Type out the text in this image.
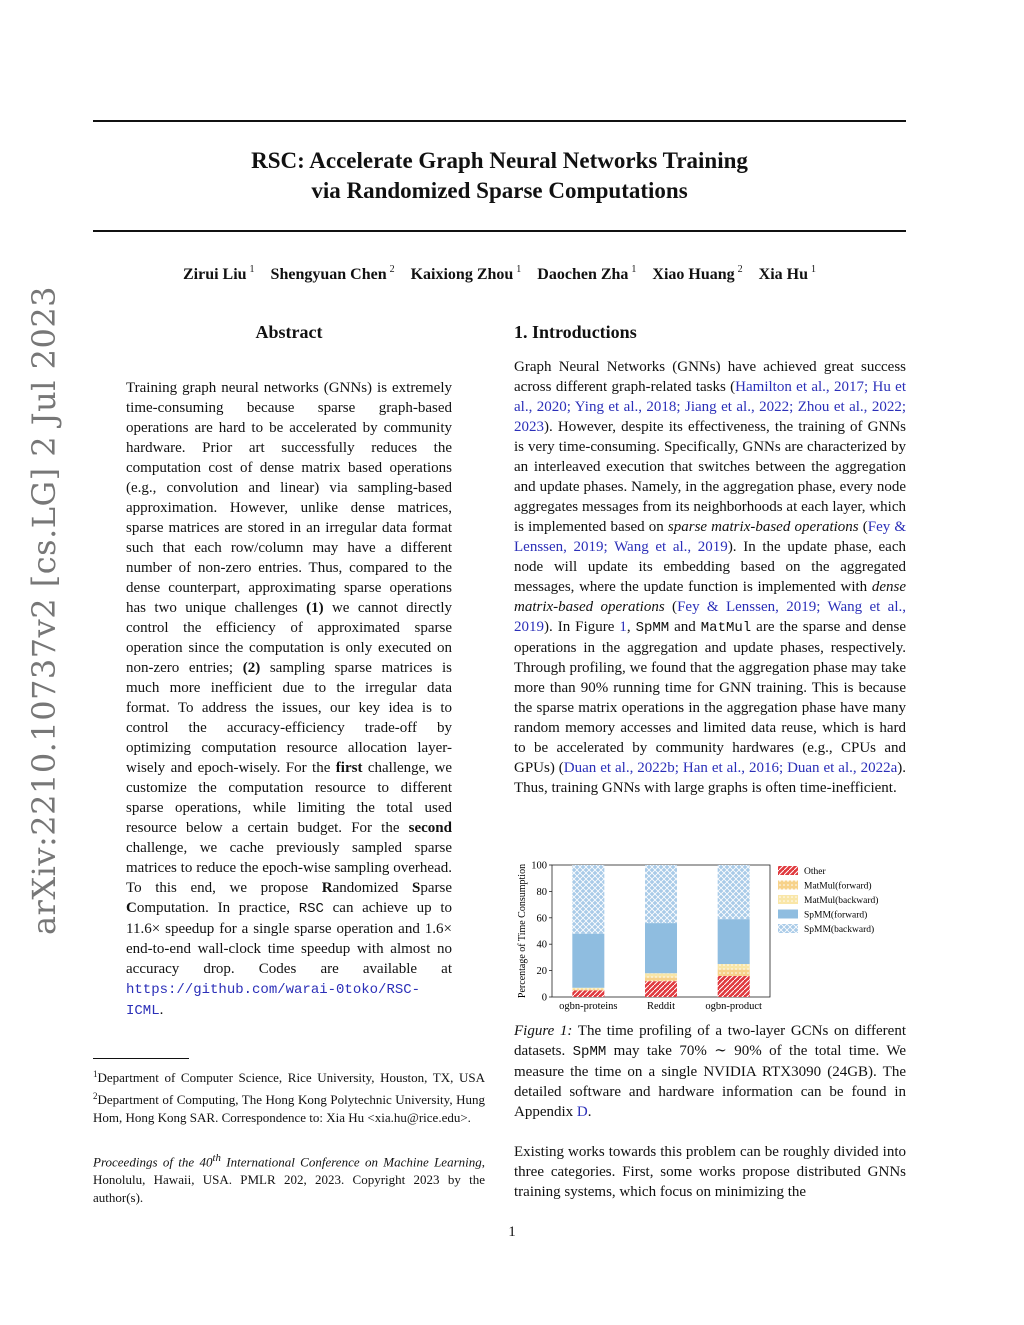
RSC: Accelerate Graph Neural Networks Training
via Randomized Sparse Computations
arXiv:2210.10737v2 [cs.LG] 2 Jul 2023
Zirui Liu $^1$ Shengyuan Chen $^2$ Kaixiong Zhou $^1$ Daochen Zha $^1$ Xiao Huang $^2$ Xia Hu $^1$
Abstract
Training graph neural networks (GNNs) is extremely time-consuming because sparse graph-based operations are hard to be accelerated by community hardware. Prior art successfully reduces the computation cost of dense matrix based operations (e.g., convolution and linear) via sampling-based approximation. However, unlike dense matrices, sparse matrices are stored in an irregular data format such that each row/column may have a different number of non-zero entries. Thus, compared to the dense counterpart, approximating sparse operations has two unique challenges (1) we cannot directly control the efficiency of approximated sparse operation since the computation is only executed on non-zero entries; (2) sampling sparse matrices is much more inefficient due to the irregular data format. To address the issues, our key idea is to control the accuracy-efficiency trade-off by optimizing computation resource allocation layer-wisely and epoch-wisely. For the first challenge, we customize the computation resource to different sparse operations, while limiting the total used resource below a certain budget. For the second challenge, we cache previously sampled sparse matrices to reduce the epoch-wise sampling overhead. To this end, we propose Randomized Sparse Computation. In practice, RSC can achieve up to 11.6× speedup for a single sparse operation and 1.6× end-to-end wall-clock time speedup with almost no accuracy drop. Codes are available at https://github.com/warai-0toko/RSC-ICML.
1. Introductions
Graph Neural Networks (GNNs) have achieved great success across different graph-related tasks (Hamilton et al., 2017; Hu et al., 2020; Ying et al., 2018; Jiang et al., 2022; Zhou et al., 2022; 2023). However, despite its effectiveness, the training of GNNs is very time-consuming. Specifically, GNNs are characterized by an interleaved execution that switches between the aggregation and update phases. Namely, in the aggregation phase, every node aggregates messages from its neighborhoods at each layer, which is implemented based on sparse matrix-based operations (Fey & Lenssen, 2019; Wang et al., 2019). In the update phase, each node will update its embedding based on the aggregated messages, where the update function is implemented with dense matrix-based operations (Fey & Lenssen, 2019; Wang et al., 2019). In Figure 1, SpMM and MatMul are the sparse and dense operations in the aggregation and update phases, respectively. Through profiling, we found that the aggregation phase may take more than 90% running time for GNN training. This is because the sparse matrix operations in the aggregation phase have many random memory accesses and limited data reuse, which is hard to be accelerated by community hardwares (e.g., CPUs and GPUs) (Duan et al., 2022b; Han et al., 2016; Duan et al., 2022a). Thus, training GNNs with large graphs is often time-inefficient.
Percentage of Time Consumption 0
20
40
60
80
100
ogbn-proteins	Reddit	ogbn-product
Other
MatMul(forward)
MatMul(backward)
SpMM(forward)
SpMM(backward)
Figure 1: The time profiling of a two-layer GCNs on different datasets. SpMM may take 70% ∼ 90% of the total time. We measure the time on a single NVIDIA RTX3090 (24GB). The detailed software and hardware information can be found in Appendix D.
Existing works towards this problem can be roughly divided into three categories. First, some works propose distributed GNNs training systems, which focus on minimizing the
$^1$Department of Computer Science, Rice University, Houston, TX, USA $^2$Department of Computing, The Hong Kong Polytechnic University, Hung Hom, Hong Kong SAR. Correspondence to: Xia Hu <xia.hu@rice.edu>.
Proceedings of the 40th International Conference on Machine Learning, Honolulu, Hawaii, USA. PMLR 202, 2023. Copyright 2023 by the author(s).
1
